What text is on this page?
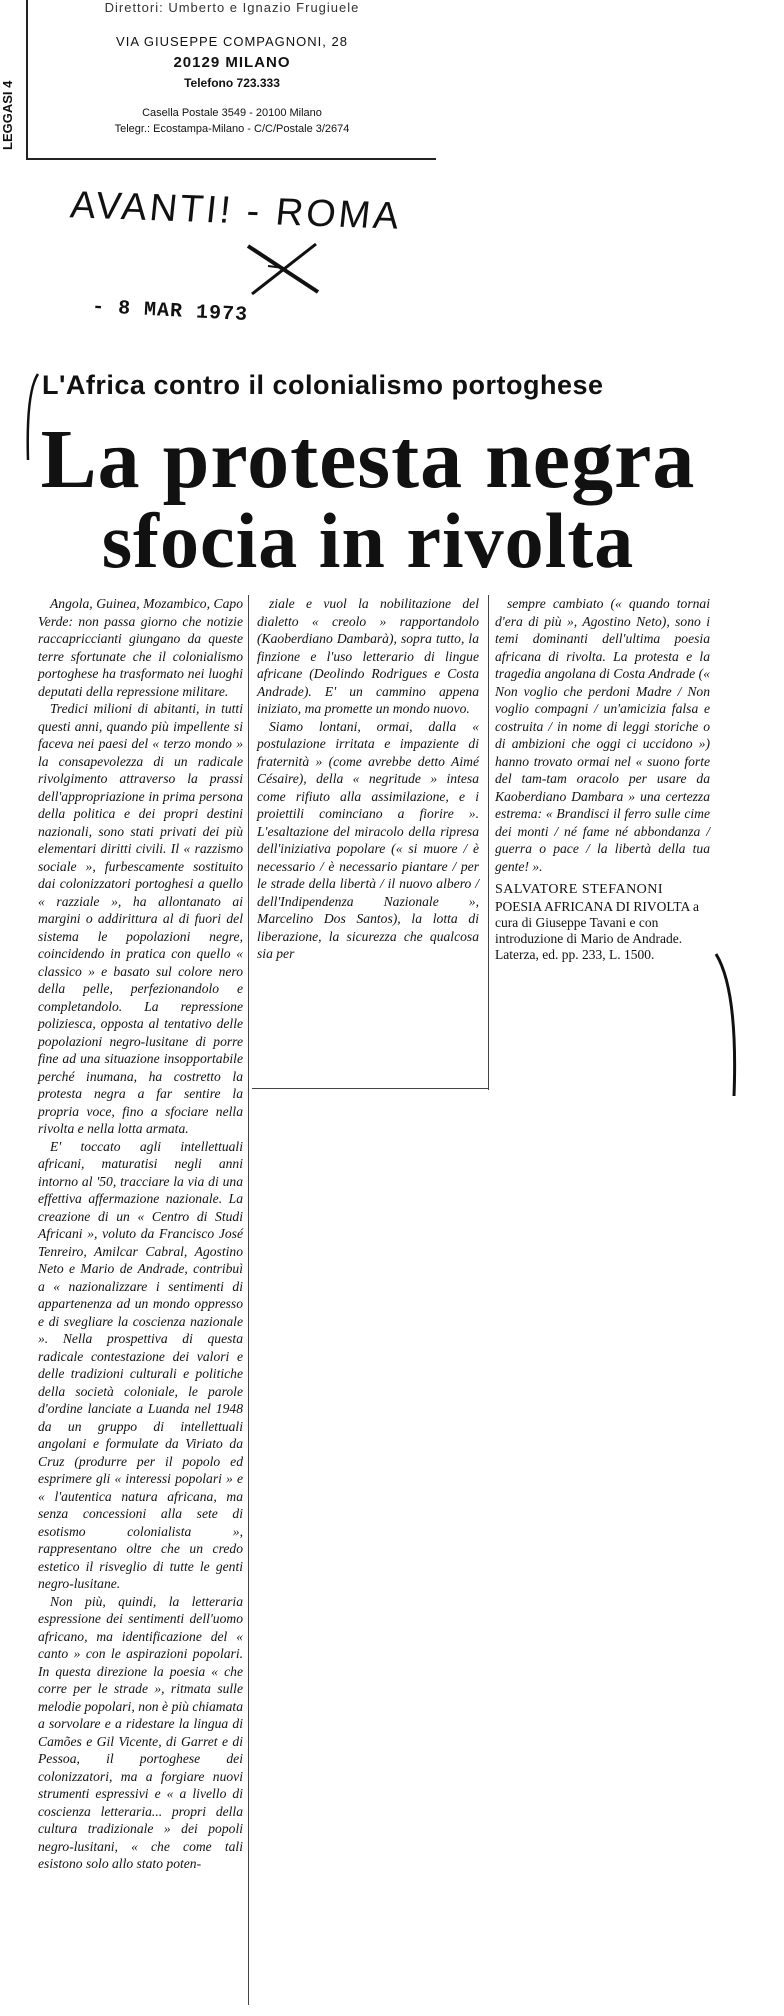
LEGGASI 4
Direttori: Umberto e Ignazio Frugiuele
VIA GIUSEPPE COMPAGNONI, 28
20129 MILANO
Telefono 723.333
Casella Postale 3549 - 20100 Milano
Telegr.: Ecostampa-Milano - C/C/Postale 3/2674
AVANTI! - ROMA
- 8 MAR 1973
L'Africa contro il colonialismo portoghese
La protesta negra
sfocia in rivolta

Angola, Guinea, Mozambico, Capo Verde: non passa giorno che notizie raccapriccianti giungano da queste terre sfortunate che il colonialismo portoghese ha trasformato nei luoghi deputati della repressione militare.

Tredici milioni di abitanti, in tutti questi anni, quando più impellente si faceva nei paesi del « terzo mondo » la consapevolezza di un radicale rivolgimento attraverso la prassi dell'appropriazione in prima persona della politica e dei propri destini nazionali, sono stati privati dei più elementari diritti civili. Il « razzismo sociale », furbescamente sostituito dai colonizzatori portoghesi a quello « razziale », ha allontanato ai margini o addirittura al di fuori del sistema le popolazioni negre, coincidendo in pratica con quello « classico » e basato sul colore nero della pelle, perfezionandolo e completandolo. La repressione poliziesca, opposta al tentativo delle popolazioni negro-lusitane di porre fine ad una situazione insopportabile perché inumana, ha costretto la protesta negra a far sentire la propria voce, fino a sfociare nella rivolta e nella lotta armata.

E' toccato agli intellettuali africani, maturatisi negli anni intorno al '50, tracciare la via di una effettiva affermazione nazionale. La creazione di un « Centro di Studi Africani », voluto da Francisco José Tenreiro, Amilcar Cabral, Agostino Neto e Mario de Andrade, contribuì a « nazionalizzare i sentimenti di appartenenza ad un mondo oppresso e di svegliare la coscienza nazionale ». Nella prospettiva di questa radicale contestazione dei valori e delle tradizioni culturali e politiche della società coloniale, le parole d'ordine lanciate a Luanda nel 1948 da un gruppo di intellettuali angolani e formulate da Viriato da Cruz (produrre per il popolo ed esprimere gli « interessi popolari » e « l'autentica natura africana, ma senza concessioni alla sete di esotismo colonialista », rappresentano oltre che un credo estetico il risveglio di tutte le genti negro-lusitane.

Non più, quindi, la letteraria espressione dei sentimenti dell'uomo africano, ma identificazione del « canto » con le aspirazioni popolari. In questa direzione la poesia « che corre per le strade », ritmata sulle melodie popolari, non è più chiamata a sorvolare e a ridestare la lingua di Camões e Gil Vicente, di Garret e di Pessoa, il portoghese dei colonizzatori, ma a forgiare nuovi strumenti espressivi e « a livello di coscienza letteraria... propri della cultura tradizionale » dei popoli negro-lusitani, « che come tali esistono solo allo stato poten-

ziale e vuol la nobilitazione del dialetto « creolo » rapportandolo (Kaoberdiano Dambarà), sopra tutto, la finzione e l'uso letterario di lingue africane (Deolindo Rodrigues e Costa Andrade). E' un cammino appena iniziato, ma promette un mondo nuovo.

Siamo lontani, ormai, dalla « postulazione irritata e impaziente di fraternità » (come avrebbe detto Aimé Césaire), della « negritude » intesa come rifiuto alla assimilazione, e i proiettili cominciano a fiorire ». L'esaltazione del miracolo della ripresa dell'iniziativa popolare (« si muore / è necessario / è necessario piantare / per le strade della libertà / il nuovo albero / dell'Indipendenza Nazionale », Marcelino Dos Santos), la lotta di liberazione, la sicurezza che qualcosa sia per

sempre cambiato (« quando tornai d'era di più », Agostino Neto), sono i temi dominanti dell'ultima poesia africana di rivolta. La protesta e la tragedia angolana di Costa Andrade (« Non voglio che perdoni Madre / Non voglio compagni / un'amicizia falsa e costruita / in nome di leggi storiche o di ambizioni che oggi ci uccidono ») hanno trovato ormai nel « suono forte del tam-tam oracolo per usare da Kaoberdiano Dambara » una certezza estrema: « Brandisci il ferro sulle cime dei monti / né fame né abbondanza / guerra o pace / la libertà della tua gente! ».

SALVATORE STEFANONI

POESIA AFRICANA DI RIVOLTA a cura di Giuseppe Tavani e con introduzione di Mario de Andrade. Laterza, ed. pp. 233, L. 1500.
